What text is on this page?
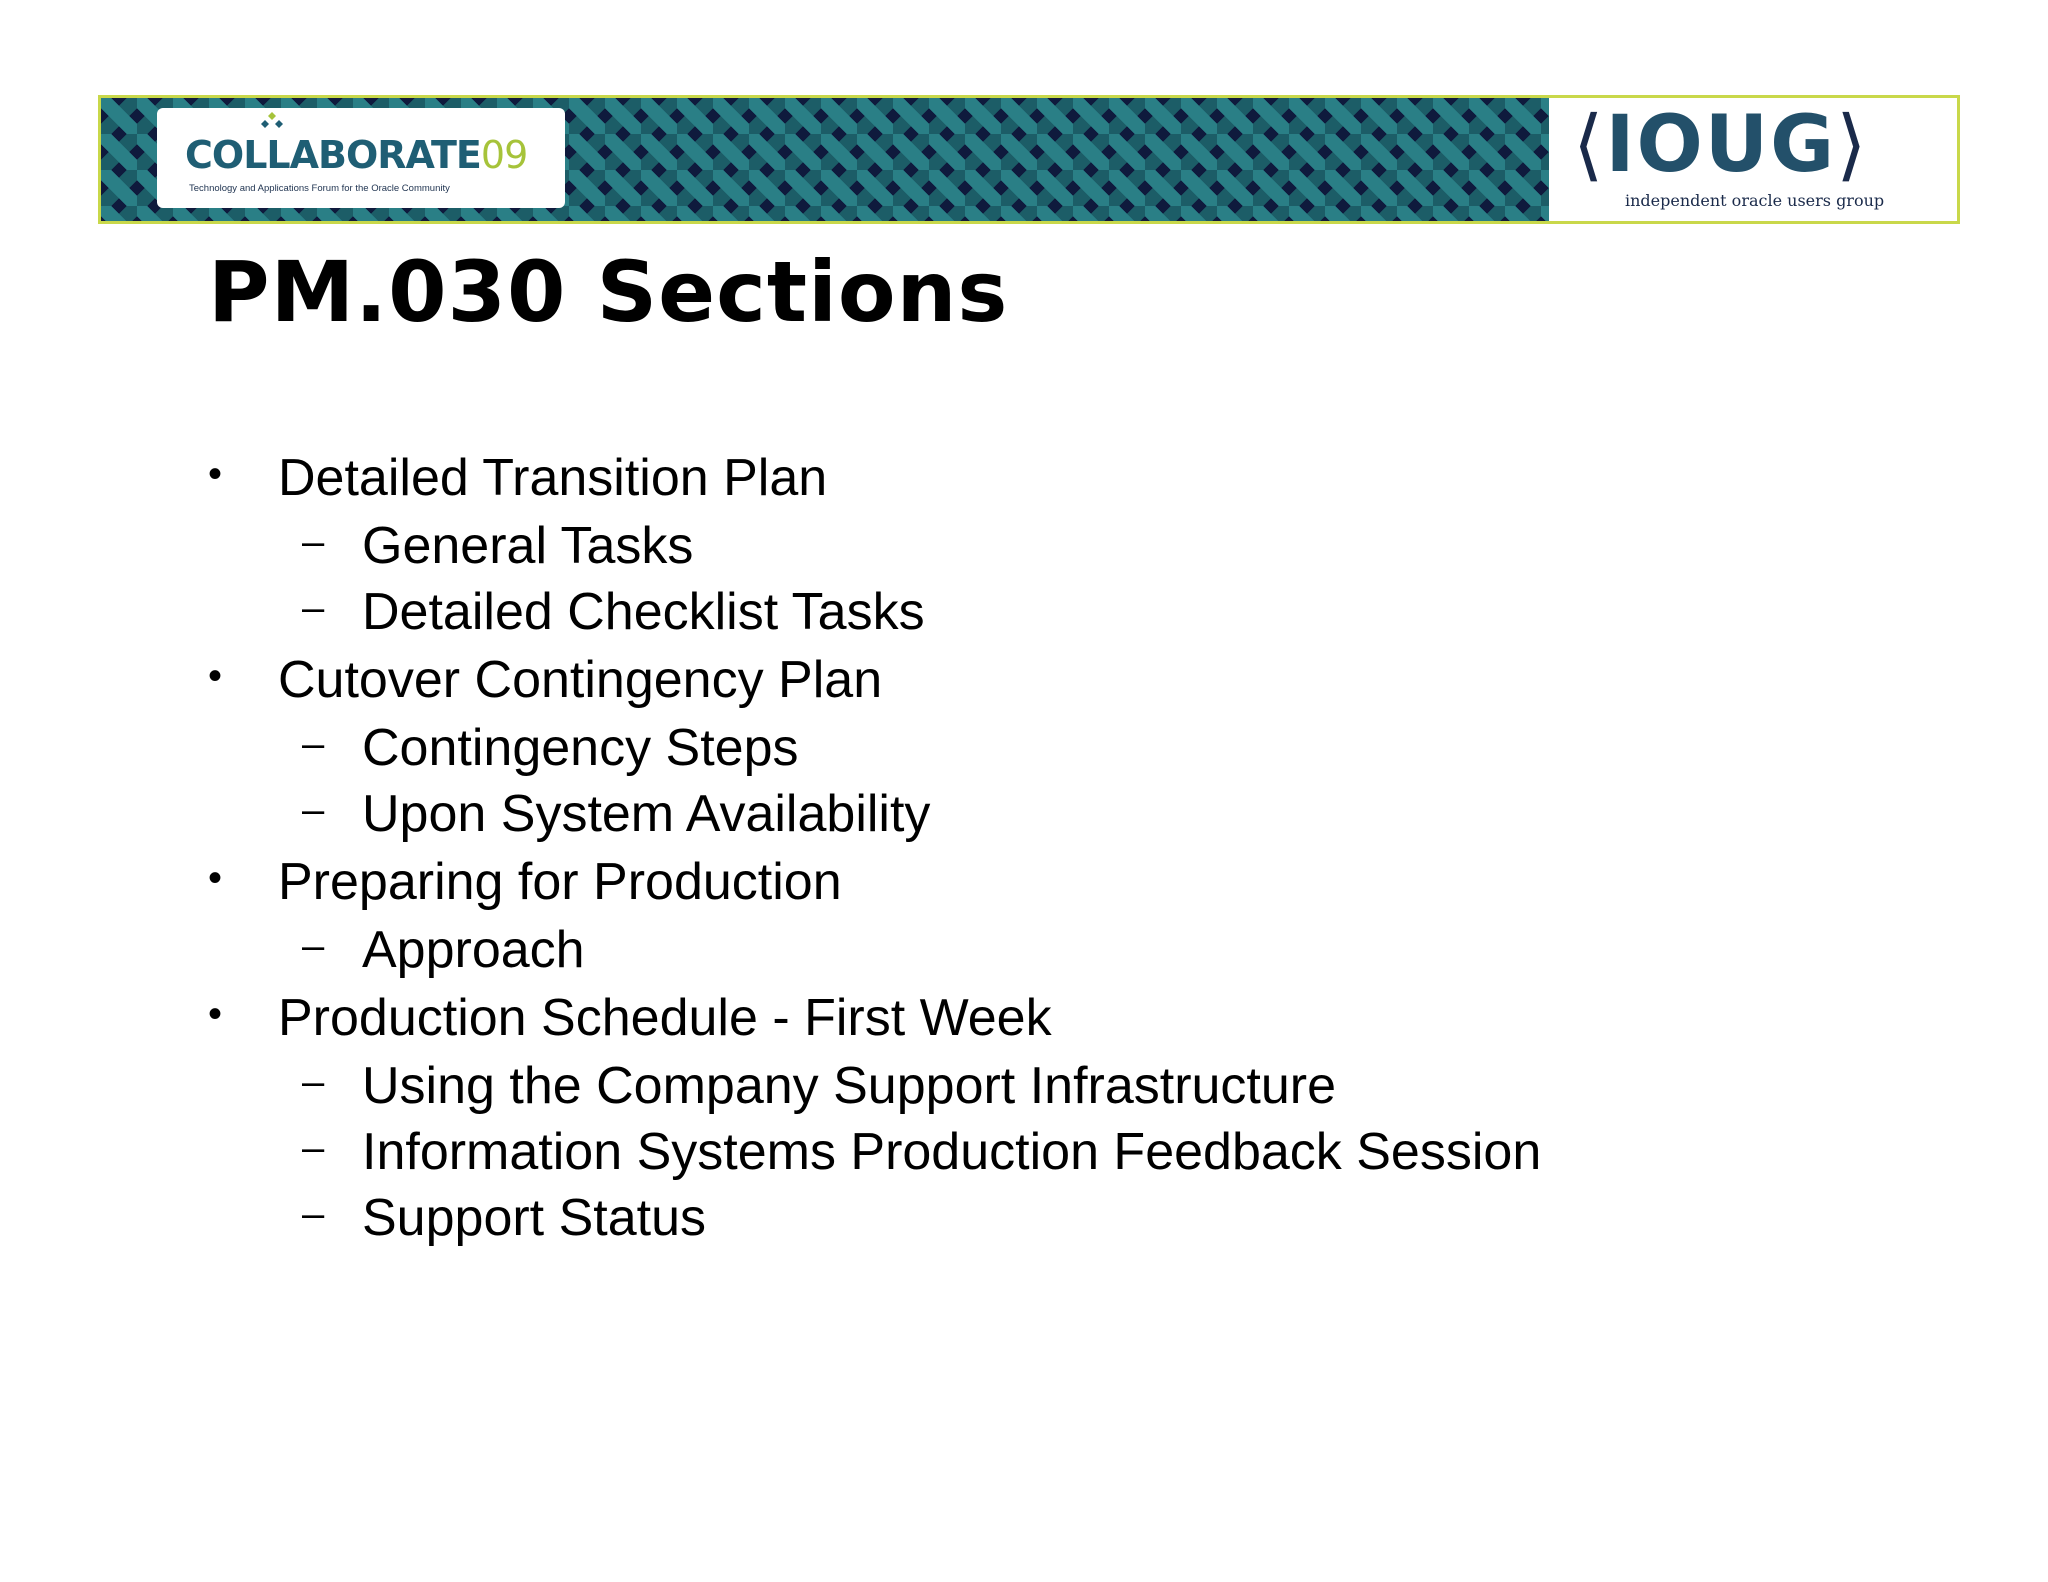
COLLABORATE09
Technology and Applications Forum for the Oracle Community	⟨IOUG⟩
independent oracle users group
PM.030 Sections
• Detailed Transition Plan
– General Tasks
– Detailed Checklist Tasks
• Cutover Contingency Plan
– Contingency Steps
– Upon System Availability
• Preparing for Production
– Approach
• Production Schedule - First Week
– Using the Company Support Infrastructure
– Information Systems Production Feedback Session
– Support Status
